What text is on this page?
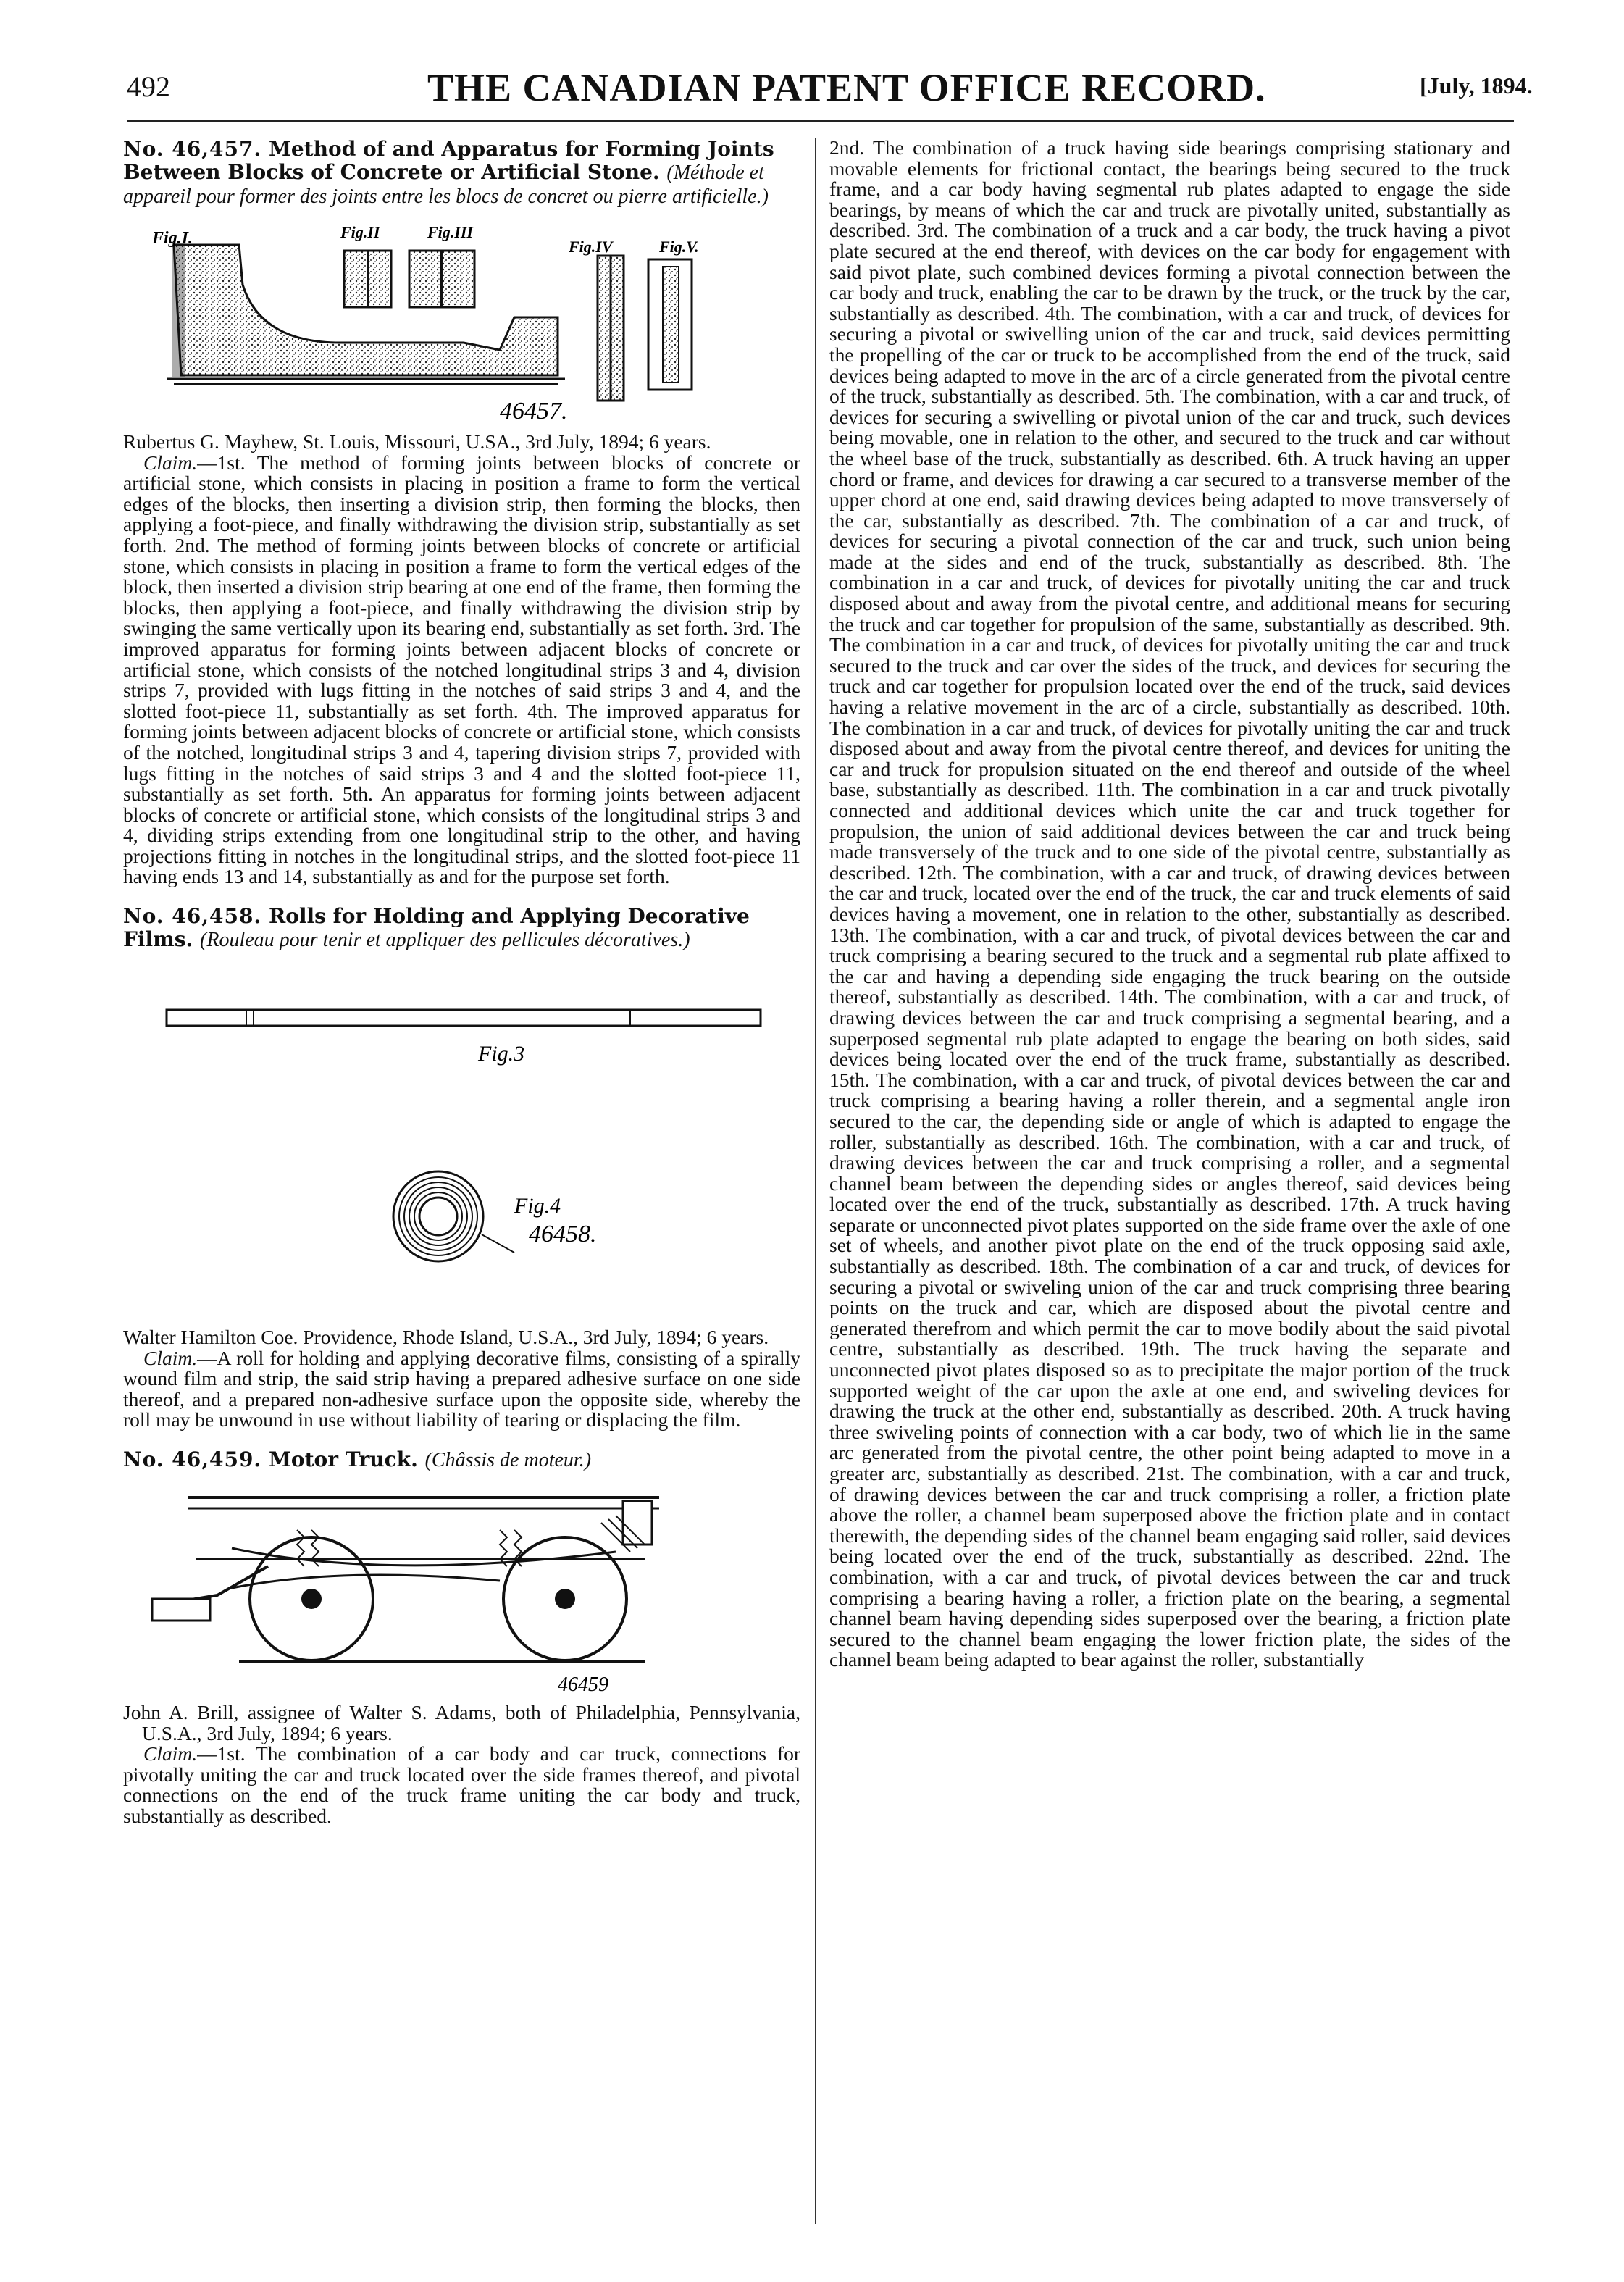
492	THE CANADIAN PATENT OFFICE RECORD.	[July, 1894.
No. 46,457. Method of and Apparatus for Forming Joints Between Blocks of Concrete or Artificial Stone. (Méthode et appareil pour former des joints entre les blocs de concret ou pierre artificielle.)
Fig.I.	Fig.II	Fig.III
Fig.IV	Fig.V.
46457.

Rubertus G. Mayhew, St. Louis, Missouri, U.SA., 3rd July, 1894; 6 years.

Claim.—1st. The method of forming joints between blocks of concrete or artificial stone, which consists in placing in position a frame to form the vertical edges of the blocks, then inserting a division strip, then forming the blocks, then applying a foot-piece, and finally withdrawing the division strip, substantially as set forth. 2nd. The method of forming joints between blocks of concrete or artificial stone, which consists in placing in position a frame to form the vertical edges of the block, then inserted a division strip bearing at one end of the frame, then forming the blocks, then applying a foot-piece, and finally withdrawing the division strip by swinging the same vertically upon its bearing end, substantially as set forth. 3rd. The improved apparatus for forming joints between adjacent blocks of concrete or artificial stone, which consists of the notched longitudinal strips 3 and 4, division strips 7, provided with lugs fitting in the notches of said strips 3 and 4, and the slotted foot-piece 11, substantially as set forth. 4th. The improved apparatus for forming joints between adjacent blocks of concrete or artificial stone, which consists of the notched, longitudinal strips 3 and 4, tapering division strips 7, provided with lugs fitting in the notches of said strips 3 and 4 and the slotted foot-piece 11, substantially as set forth. 5th. An apparatus for forming joints between adjacent blocks of concrete or artificial stone, which consists of the longitudinal strips 3 and 4, dividing strips extending from one longitudinal strip to the other, and having projections fitting in notches in the longitudinal strips, and the slotted foot-piece 11 having ends 13 and 14, substantially as and for the purpose set forth.

No. 46,458. Rolls for Holding and Applying Decorative Films. (Rouleau pour tenir et appliquer des pellicules décoratives.)
Fig.3
Fig.4
46458.

Walter Hamilton Coe. Providence, Rhode Island, U.S.A., 3rd July, 1894; 6 years.

Claim.—A roll for holding and applying decorative films, consisting of a spirally wound film and strip, the said strip having a prepared adhesive surface on one side thereof, and a prepared non-adhesive surface upon the opposite side, whereby the roll may be unwound in use without liability of tearing or displacing the film.

No. 46,459. Motor Truck. (Châssis de moteur.)
46459

John A. Brill, assignee of Walter S. Adams, both of Philadelphia, Pennsylvania, U.S.A., 3rd July, 1894; 6 years.

Claim.—1st. The combination of a car body and car truck, connections for pivotally uniting the car and truck located over the side frames thereof, and pivotal connections on the end of the truck frame uniting the car body and truck, substantially as described.

2nd. The combination of a truck having side bearings comprising stationary and movable elements for frictional contact, the bearings being secured to the truck frame, and a car body having segmental rub plates adapted to engage the side bearings, by means of which the car and truck are pivotally united, substantially as described. 3rd. The combination of a truck and a car body, the truck having a pivot plate secured at the end thereof, with devices on the car body for engagement with said pivot plate, such combined devices forming a pivotal connection between the car body and truck, enabling the car to be drawn by the truck, or the truck by the car, substantially as described. 4th. The combination, with a car and truck, of devices for securing a pivotal or swivelling union of the car and truck, said devices permitting the propelling of the car or truck to be accomplished from the end of the truck, said devices being adapted to move in the arc of a circle generated from the pivotal centre of the truck, substantially as described. 5th. The combination, with a car and truck, of devices for securing a swivelling or pivotal union of the car and truck, such devices being movable, one in relation to the other, and secured to the truck and car without the wheel base of the truck, substantially as described. 6th. A truck having an upper chord or frame, and devices for drawing a car secured to a transverse member of the upper chord at one end, said drawing devices being adapted to move transversely of the car, substantially as described. 7th. The combination of a car and truck, of devices for securing a pivotal connection of the car and truck, such union being made at the sides and end of the truck, substantially as described. 8th. The combination in a car and truck, of devices for pivotally uniting the car and truck disposed about and away from the pivotal centre, and additional means for securing the truck and car together for propulsion of the same, substantially as described. 9th. The combination in a car and truck, of devices for pivotally uniting the car and truck secured to the truck and car over the sides of the truck, and devices for securing the truck and car together for propulsion located over the end of the truck, said devices having a relative movement in the arc of a circle, substantially as described. 10th. The combination in a car and truck, of devices for pivotally uniting the car and truck disposed about and away from the pivotal centre thereof, and devices for uniting the car and truck for propulsion situated on the end thereof and outside of the wheel base, substantially as described. 11th. The combination in a car and truck pivotally connected and additional devices which unite the car and truck together for propulsion, the union of said additional devices between the car and truck being made transversely of the truck and to one side of the pivotal centre, substantially as described. 12th. The combination, with a car and truck, of drawing devices between the car and truck, located over the end of the truck, the car and truck elements of said devices having a movement, one in relation to the other, substantially as described. 13th. The combination, with a car and truck, of pivotal devices between the car and truck comprising a bearing secured to the truck and a segmental rub plate affixed to the car and having a depending side engaging the truck bearing on the outside thereof, substantially as described. 14th. The combination, with a car and truck, of drawing devices between the car and truck comprising a segmental bearing, and a superposed segmental rub plate adapted to engage the bearing on both sides, said devices being located over the end of the truck frame, substantially as described. 15th. The combination, with a car and truck, of pivotal devices between the car and truck comprising a bearing having a roller therein, and a segmental angle iron secured to the car, the depending side or angle of which is adapted to engage the roller, substantially as described. 16th. The combination, with a car and truck, of drawing devices between the car and truck comprising a roller, and a segmental channel beam between the depending sides or angles thereof, said devices being located over the end of the truck, substantially as described. 17th. A truck having separate or unconnected pivot plates supported on the side frame over the axle of one set of wheels, and another pivot plate on the end of the truck opposing said axle, substantially as described. 18th. The combination of a car and truck, of devices for securing a pivotal or swiveling union of the car and truck comprising three bearing points on the truck and car, which are disposed about the pivotal centre and generated therefrom and which permit the car to move bodily about the said pivotal centre, substantially as described. 19th. The truck having the separate and unconnected pivot plates disposed so as to precipitate the major portion of the truck supported weight of the car upon the axle at one end, and swiveling devices for drawing the truck at the other end, substantially as described. 20th. A truck having three swiveling points of connection with a car body, two of which lie in the same arc generated from the pivotal centre, the other point being adapted to move in a greater arc, substantially as described. 21st. The combination, with a car and truck, of drawing devices between the car and truck comprising a roller, a friction plate above the roller, a channel beam superposed above the friction plate and in contact therewith, the depending sides of the channel beam engaging said roller, said devices being located over the end of the truck, substantially as described. 22nd. The combination, with a car and truck, of pivotal devices between the car and truck comprising a bearing having a roller, a friction plate on the bearing, a segmental channel beam having depending sides superposed over the bearing, a friction plate secured to the channel beam engaging the lower friction plate, the sides of the channel beam being adapted to bear against the roller, substantially
